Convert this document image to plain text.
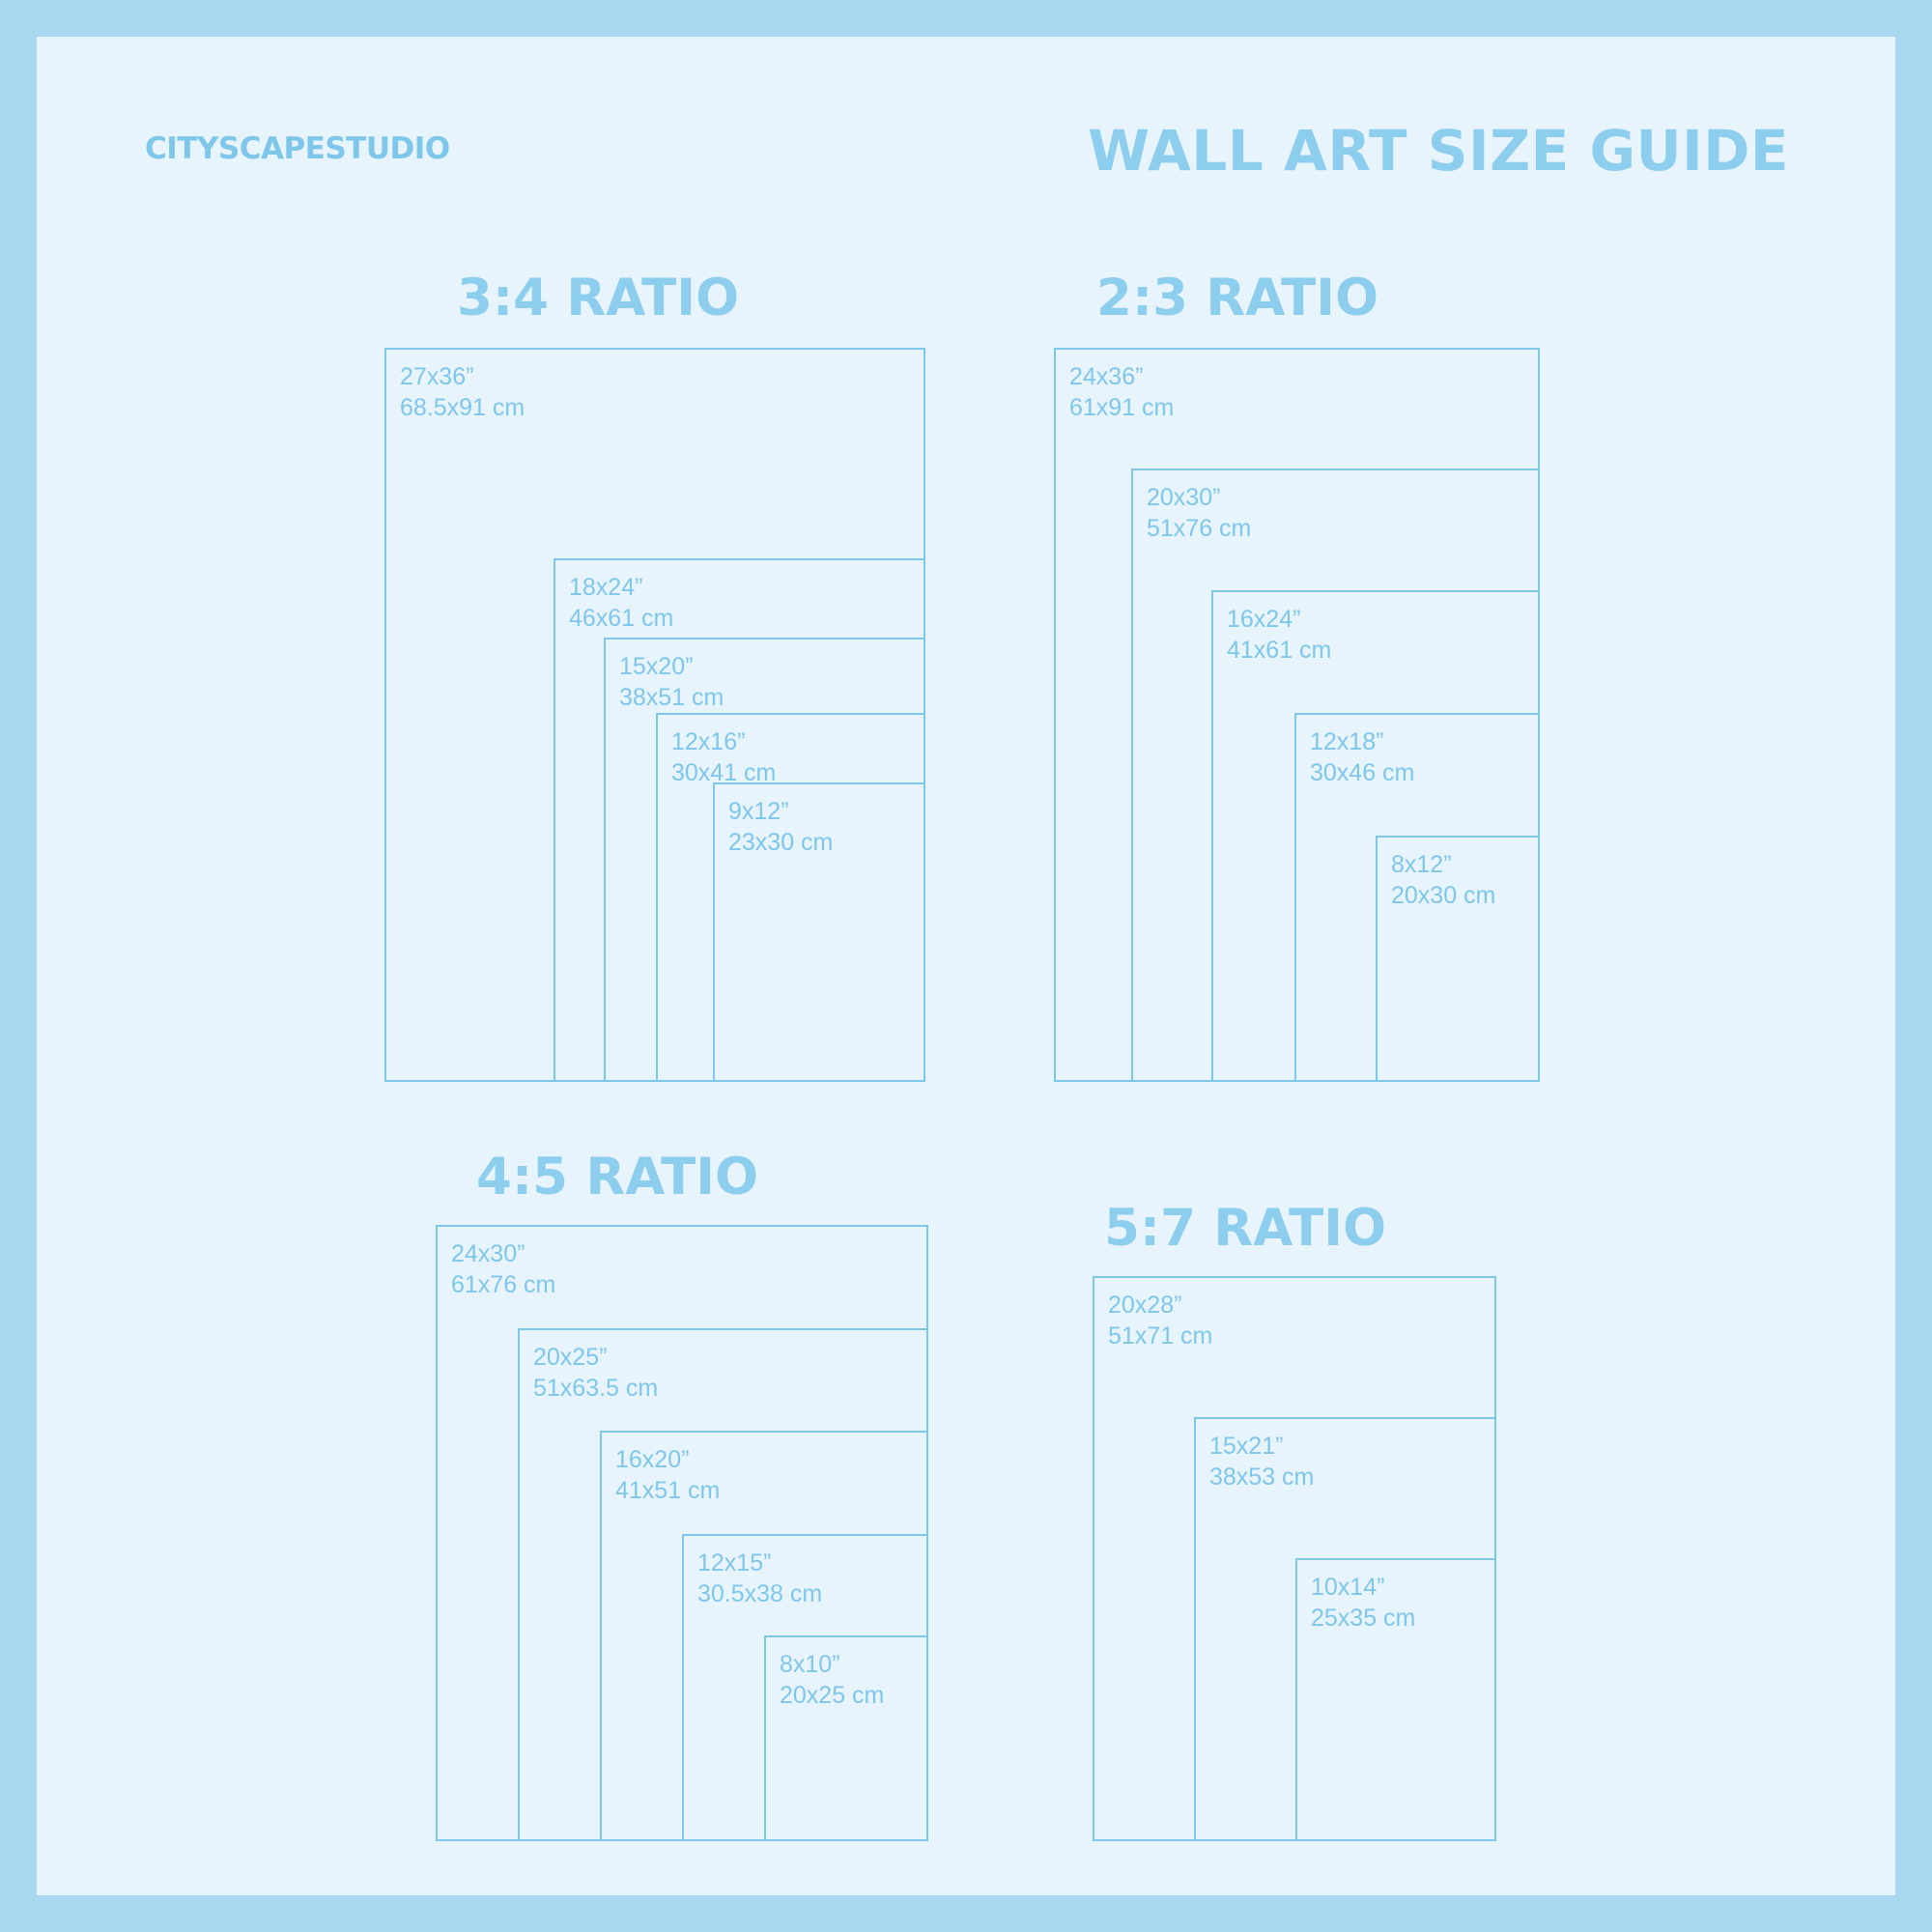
CITYSCAPESTUDIO	WALL ART SIZE GUIDE
3:4 RATIO
27x36”
68.5x91 cm
18x24”
46x61 cm
15x20”
38x51 cm
12x16”
30x41 cm
9x12”
23x30 cm
2:3 RATIO
24x36”
61x91 cm
20x30”
51x76 cm
16x24”
41x61 cm
12x18”
30x46 cm
8x12”
20x30 cm
4:5 RATIO
24x30”
61x76 cm
20x25”
51x63.5 cm
16x20”
41x51 cm
12x15”
30.5x38 cm
8x10”
20x25 cm
5:7 RATIO
20x28”
51x71 cm
15x21”
38x53 cm
10x14”
25x35 cm
